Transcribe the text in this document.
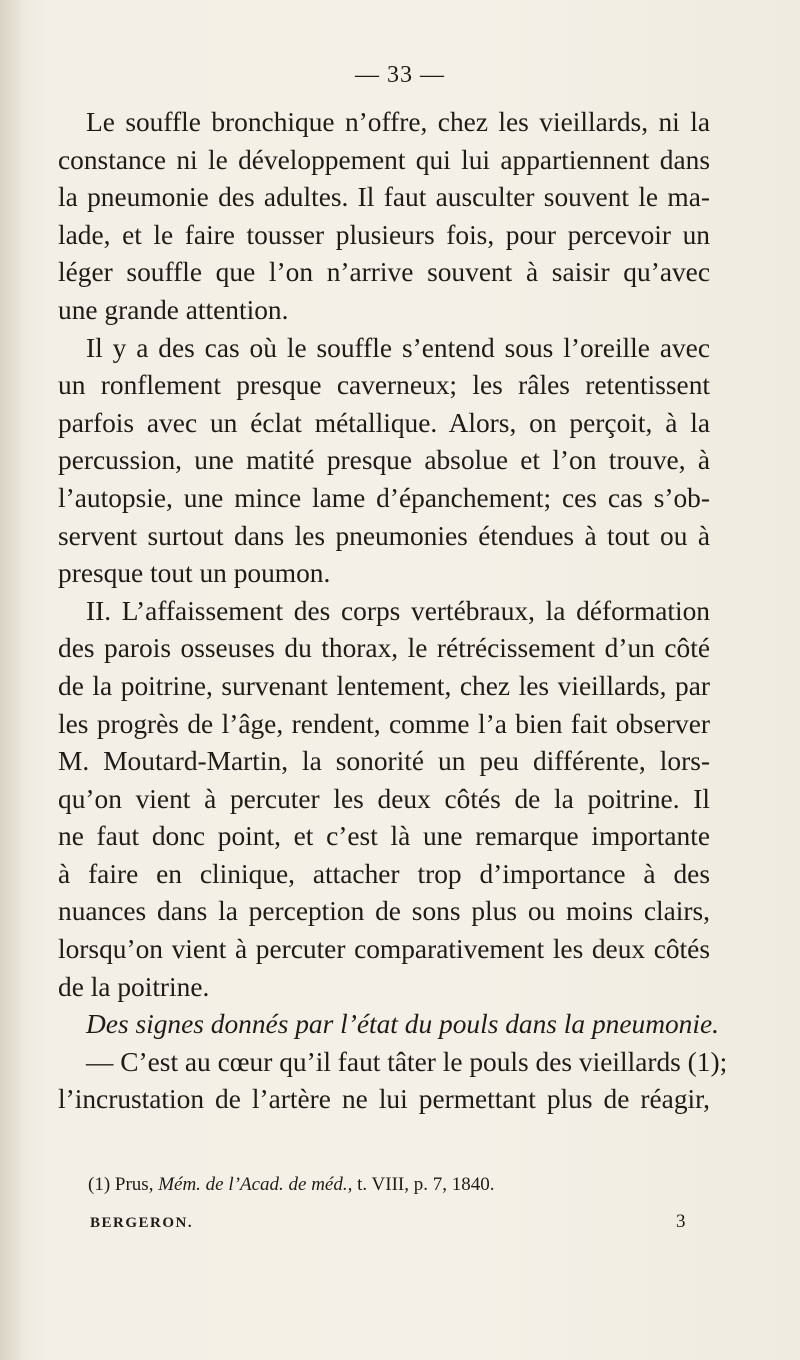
— 33 —
Le souffle bronchique n’offre, chez les vieillards, ni la
constance ni le développement qui lui appartiennent dans
la pneumonie des adultes. Il faut ausculter souvent le ma-
lade, et le faire tousser plusieurs fois, pour percevoir un
léger souffle que l’on n’arrive souvent à saisir qu’avec
une grande attention.
Il y a des cas où le souffle s’entend sous l’oreille avec
un ronflement presque caverneux; les râles retentissent
parfois avec un éclat métallique. Alors, on perçoit, à la
percussion, une matité presque absolue et l’on trouve, à
l’autopsie, une mince lame d’épanchement; ces cas s’ob-
servent surtout dans les pneumonies étendues à tout ou à
presque tout un poumon.
II. L’affaissement des corps vertébraux, la déformation
des parois osseuses du thorax, le rétrécissement d’un côté
de la poitrine, survenant lentement, chez les vieillards, par
les progrès de l’âge, rendent, comme l’a bien fait observer
M. Moutard-Martin, la sonorité un peu différente, lors-
qu’on vient à percuter les deux côtés de la poitrine. Il
ne faut donc point, et c’est là une remarque importante
à faire en clinique, attacher trop d’importance à des
nuances dans la perception de sons plus ou moins clairs,
lorsqu’on vient à percuter comparativement les deux côtés
de la poitrine.
Des signes donnés par l’état du pouls dans la pneumonie.
— C’est au cœur qu’il faut tâter le pouls des vieillards (1);
l’incrustation de l’artère ne lui permettant plus de réagir,
(1) Prus, Mém. de l’Acad. de méd., t. VIII, p. 7, 1840.
BERGERON.	3
